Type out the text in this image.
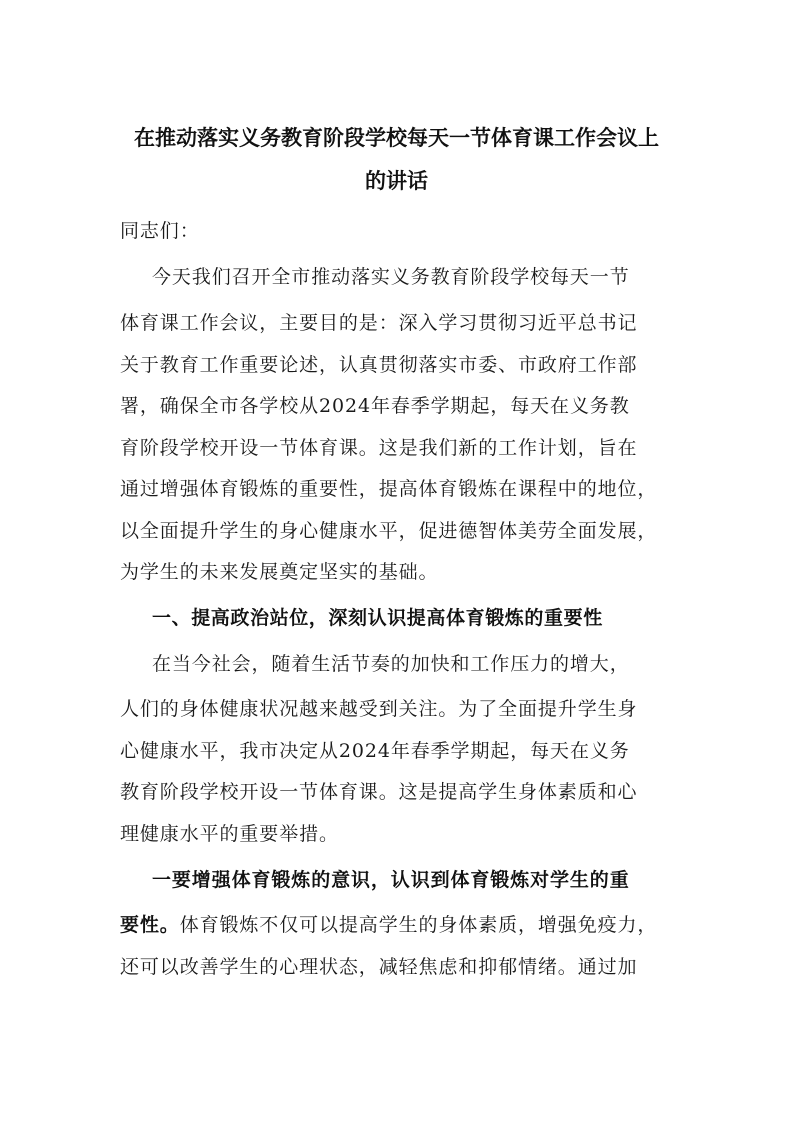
在推动落实义务教育阶段学校每天一节体育课工作会议上
的讲话
同志们：
今天我们召开全市推动落实义务教育阶段学校每天一节
体育课工作会议，主要目的是：深入学习贯彻习近平总书记
关于教育工作重要论述，认真贯彻落实市委、市政府工作部
署，确保全市各学校从2024年春季学期起，每天在义务教
育阶段学校开设一节体育课。这是我们新的工作计划，旨在
通过增强体育锻炼的重要性，提高体育锻炼在课程中的地位，
以全面提升学生的身心健康水平，促进德智体美劳全面发展，
为学生的未来发展奠定坚实的基础。
一、提高政治站位，深刻认识提高体育锻炼的重要性
在当今社会，随着生活节奏的加快和工作压力的增大，
人们的身体健康状况越来越受到关注。为了全面提升学生身
心健康水平，我市决定从2024年春季学期起，每天在义务
教育阶段学校开设一节体育课。这是提高学生身体素质和心
理健康水平的重要举措。
一要增强体育锻炼的意识，认识到体育锻炼对学生的重
要性。体育锻炼不仅可以提高学生的身体素质，增强免疫力，
还可以改善学生的心理状态，减轻焦虑和抑郁情绪。通过加
